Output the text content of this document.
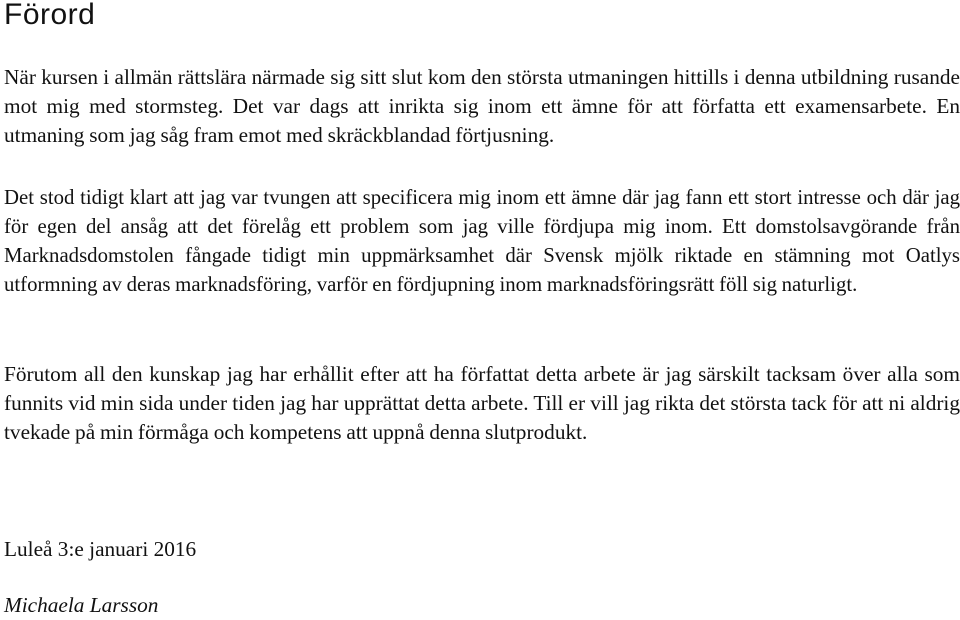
Förord

När kursen i allmän rättslära närmade sig sitt slut kom den största utmaningen hittills i denna utbildning rusande mot mig med stormsteg. Det var dags att inrikta sig inom ett ämne för att författa ett examensarbete. En utmaning som jag såg fram emot med skräckblandad förtjusning.

Det stod tidigt klart att jag var tvungen att specificera mig inom ett ämne där jag fann ett stort intresse och där jag för egen del ansåg att det förelåg ett problem som jag ville fördjupa mig inom. Ett domstolsavgörande från Marknadsdomstolen fångade tidigt min uppmärksamhet där Svensk mjölk riktade en stämning mot Oatlys utformning av deras marknadsföring, varför en fördjupning inom marknadsföringsrätt föll sig naturligt.

Förutom all den kunskap jag har erhållit efter att ha författat detta arbete är jag särskilt tacksam över alla som funnits vid min sida under tiden jag har upprättat detta arbete. Till er vill jag rikta det största tack för att ni aldrig tvekade på min förmåga och kompetens att uppnå denna slutprodukt.

Luleå 3:e januari 2016

Michaela Larsson
